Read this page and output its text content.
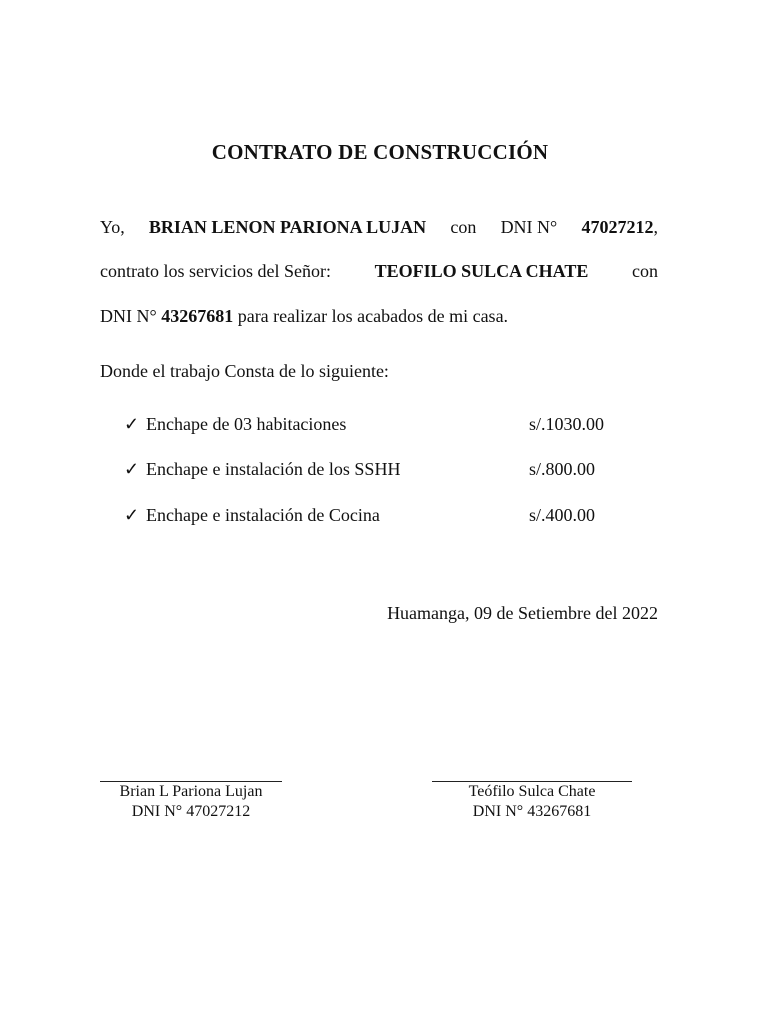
CONTRATO DE CONSTRUCCIÓN
Yo, BRIAN LENON PARIONA LUJAN con DNI N° 47027212,
contrato los servicios del Señor: TEOFILO SULCA CHATE con
DNI N° 43267681 para realizar los acabados de mi casa.
Donde el trabajo Consta de lo siguiente:
✓ Enchape de 03 habitaciones	s/.1030.00
✓ Enchape e instalación de los SSHH	s/.800.00
✓ Enchape e instalación de Cocina	s/.400.00
Huamanga, 09 de Setiembre del 2022
Brian L Pariona Lujan
DNI N° 47027212
Teófilo Sulca Chate
DNI N° 43267681
